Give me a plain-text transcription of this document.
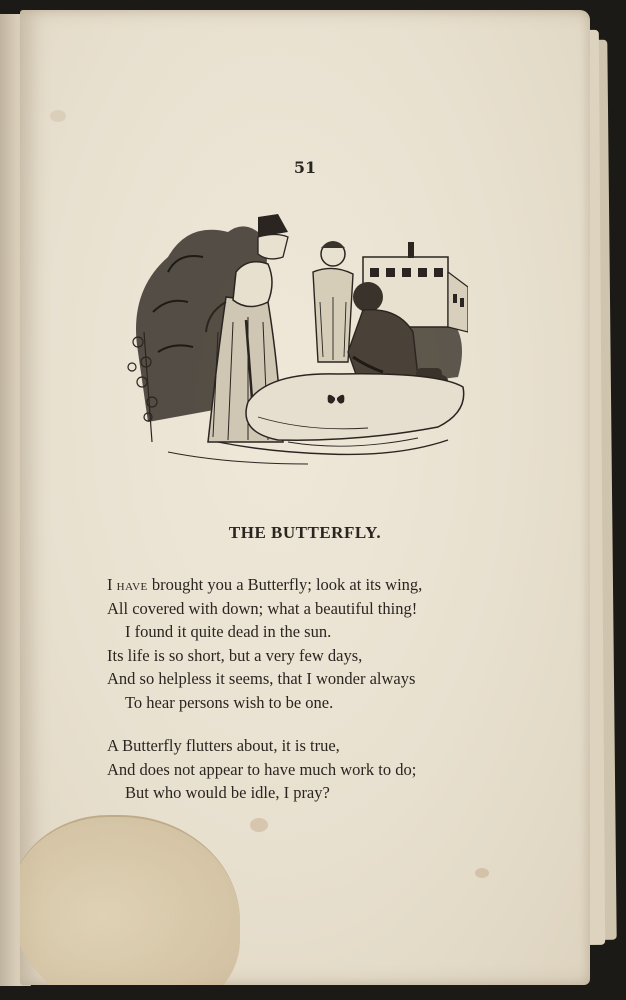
51
THE BUTTERFLY.
I have brought you a Butterfly; look at its wing,
All covered with down; what a beautiful thing!
I found it quite dead in the sun.
Its life is so short, but a very few days,
And so helpless it seems, that I wonder always
To hear persons wish to be one.
A Butterfly flutters about, it is true,
And does not appear to have much work to do;
But who would be idle, I pray?
